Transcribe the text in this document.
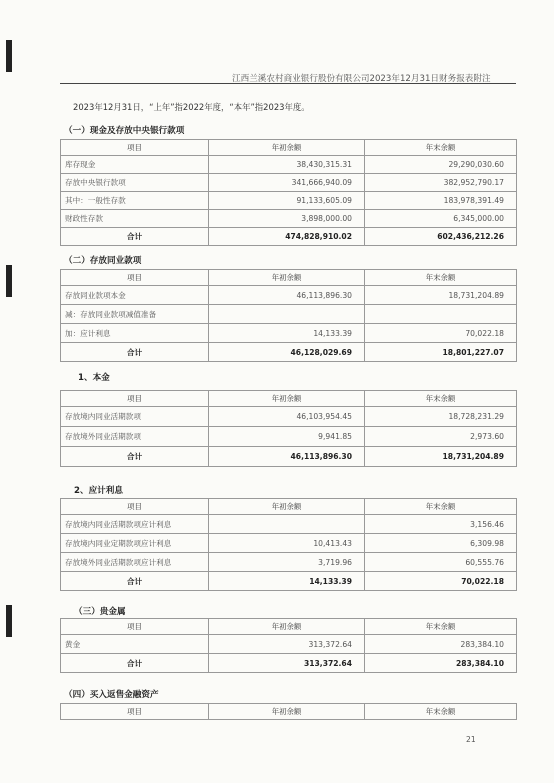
江西兰溪农村商业银行股份有限公司2023年12月31日财务报表附注
2023年12月31日，“上年”指2022年度，“本年”指2023年度。
（一）现金及存放中央银行款项
项目	年初余额	年末余额
库存现金	38,430,315.31	29,290,030.60
存放中央银行款项	341,666,940.09	382,952,790.17
其中：一般性存款	91,133,605.09	183,978,391.49
财政性存款	3,898,000.00	6,345,000.00
合计	474,828,910.02	602,436,212.26
（二）存放同业款项
项目	年初余额	年末余额
存放同业款项本金	46,113,896.30	18,731,204.89
减：存放同业款项减值准备		
加：应计利息	14,133.39	70,022.18
合计	46,128,029.69	18,801,227.07
1、本金
项目	年初余额	年末余额
存放境内同业活期款项	46,103,954.45	18,728,231.29
存放境外同业活期款项	9,941.85	2,973.60
合计	46,113,896.30	18,731,204.89
2、应计利息
项目	年初余额	年末余额
存放境内同业活期款项应计利息		3,156.46
存放境内同业定期款项应计利息	10,413.43	6,309.98
存放境外同业活期款项应计利息	3,719.96	60,555.76
合计	14,133.39	70,022.18
（三）贵金属
项目	年初余额	年末余额
黄金	313,372.64	283,384.10
合计	313,372.64	283,384.10
（四）买入返售金融资产
项目	年初余额	年末余额
21
